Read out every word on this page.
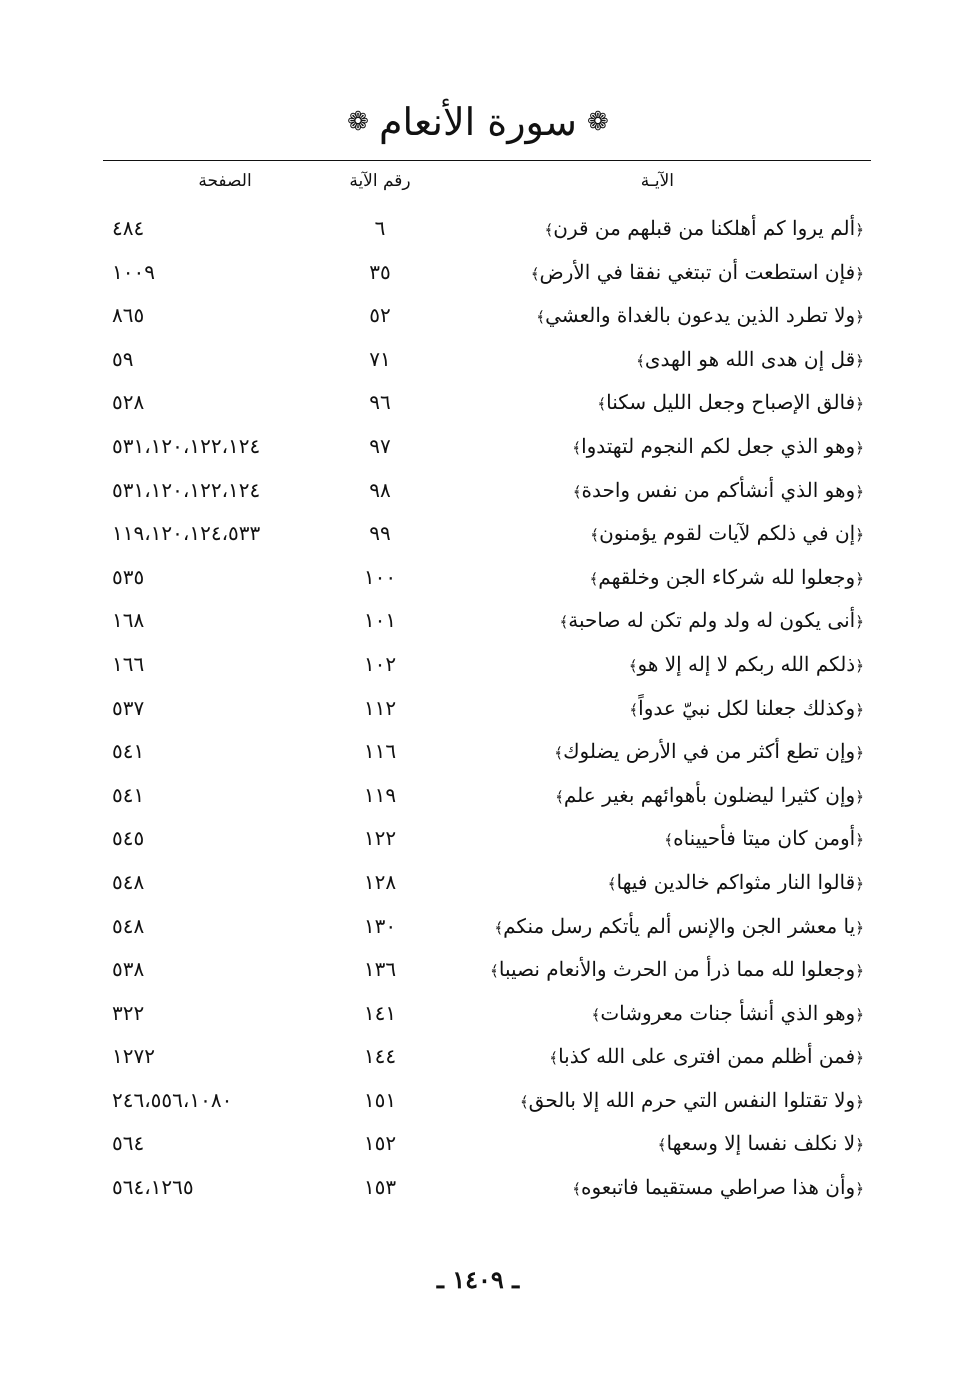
❁
سورة الأنعام
❁
الآيـة
رقم الآية
الصفحة
﴿ألم يروا كم أهلكنا من قبلهم من قرن﴾
٦
٤٨٤
﴿فإن استطعت أن تبتغي نفقا في الأرض﴾
٣٥
١٠٠٩
﴿ولا تطرد الذين يدعون بالغداة والعشي﴾
٥٢
٨٦٥
﴿قل إن هدى الله هو الهدى﴾
٧١
٥٩
﴿فالق الإصباح وجعل الليل سكنا﴾
٩٦
٥٢٨
﴿وهو الذي جعل لكم النجوم لتهتدوا﴾
٩٧
٥٣١،١٢٠،١٢٢،١٢٤
﴿وهو الذي أنشأكم من نفس واحدة﴾
٩٨
٥٣١،١٢٠،١٢٢،١٢٤
﴿إن في ذلكم لآيات لقوم يؤمنون﴾
٩٩
١١٩،١٢٠،١٢٤،٥٣٣
﴿وجعلوا لله شركاء الجن وخلقهم﴾
١٠٠
٥٣٥
﴿أنى يكون له ولد ولم تكن له صاحبة﴾
١٠١
١٦٨
﴿ذلكم الله ربكم لا إله إلا هو﴾
١٠٢
١٦٦
﴿وكذلك جعلنا لكل نبيّ عدواً﴾
١١٢
٥٣٧
﴿وإن تطع أكثر من في الأرض يضلوك﴾
١١٦
٥٤١
﴿وإن كثيرا ليضلون بأهوائهم بغير علم﴾
١١٩
٥٤١
﴿أومن كان ميتا فأحييناه﴾
١٢٢
٥٤٥
﴿قالوا النار مثواكم خالدين فيها﴾
١٢٨
٥٤٨
﴿يا معشر الجن والإنس ألم يأتكم رسل منكم﴾
١٣٠
٥٤٨
﴿وجعلوا لله مما ذرأ من الحرث والأنعام نصيبا﴾
١٣٦
٥٣٨
﴿وهو الذي أنشأ جنات معروشات﴾
١٤١
٣٢٢
﴿فمن أظلم ممن افترى على الله كذبا﴾
١٤٤
١٢٧٢
﴿ولا تقتلوا النفس التي حرم الله إلا بالحق﴾
١٥١
٢٤٦،٥٥٦،١٠٨٠
﴿لا نكلف نفسا إلا وسعها﴾
١٥٢
٥٦٤
﴿وأن هذا صراطي مستقيما فاتبعوه﴾
١٥٣
٥٦٤،١٢٦٥
ـ ١٤٠٩ ـ
